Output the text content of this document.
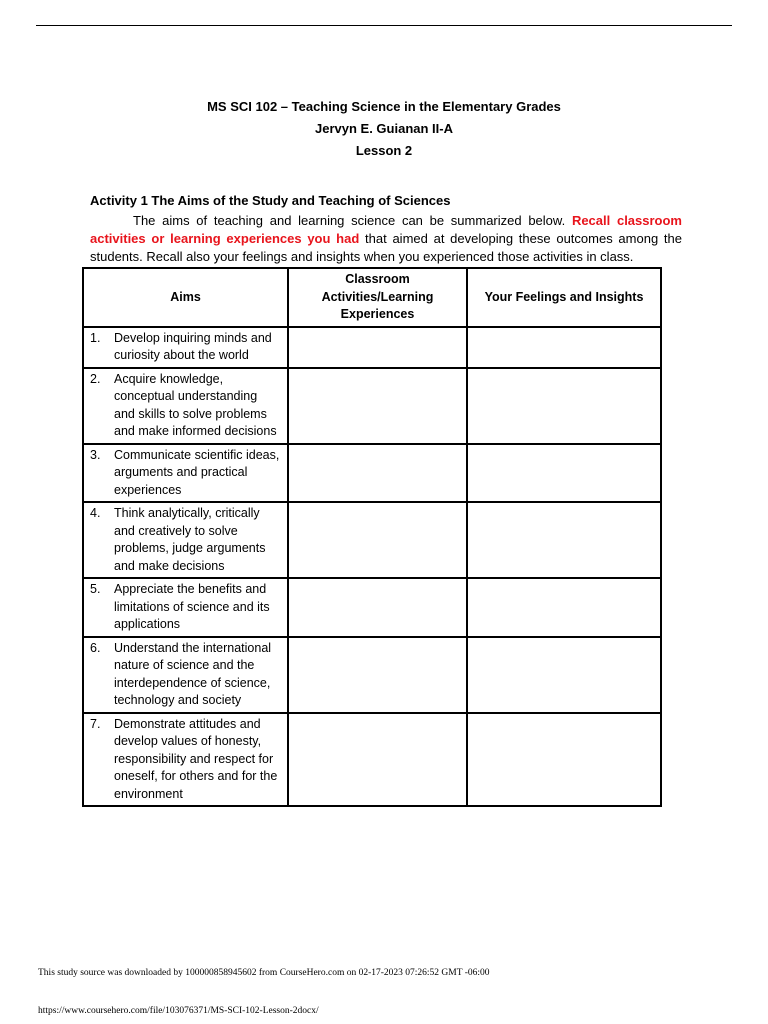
MS SCI 102 – Teaching Science in the Elementary Grades
Jervyn E. Guianan II-A
Lesson 2
Activity 1 The Aims of the Study and Teaching of Sciences
The aims of teaching and learning science can be summarized below. Recall classroom activities or learning experiences you had that aimed at developing these outcomes among the students. Recall also your feelings and insights when you experienced those activities in class.
Aims	Classroom Activities/Learning Experiences	Your Feelings and Insights

1. Develop inquiring minds and curiosity about the world		

2. Acquire knowledge, conceptual understanding and skills to solve problems and make informed decisions		

3. Communicate scientific ideas, arguments and practical experiences		

4. Think analytically, critically and creatively to solve problems, judge arguments and make decisions		

5. Appreciate the benefits and limitations of science and its applications		

6. Understand the international nature of science and the interdependence of science, technology and society		

7. Demonstrate attitudes and develop values of honesty, responsibility and respect for oneself, for others and for the environment		

This study source was downloaded by 100000858945602 from CourseHero.com on 02-17-2023 07:26:52 GMT -06:00
https://www.coursehero.com/file/103076371/MS-SCI-102-Lesson-2docx/
